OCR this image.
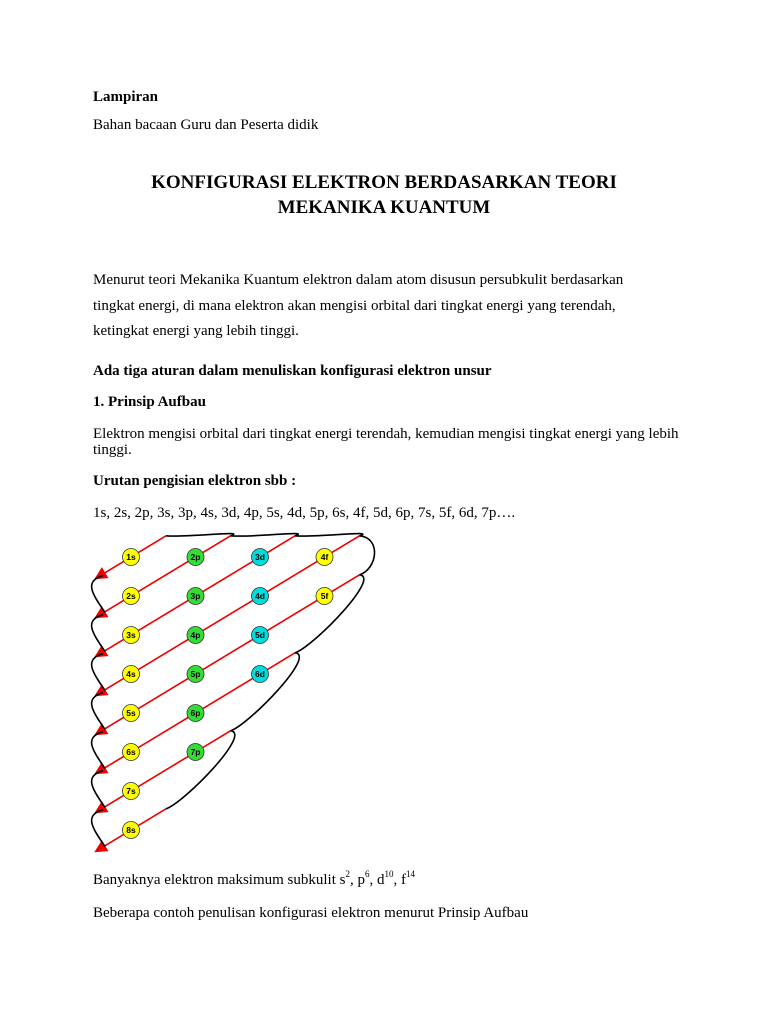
Lampiran
Bahan bacaan Guru dan Peserta didik
KONFIGURASI ELEKTRON BERDASARKAN TEORI
MEKANIKA KUANTUM
Menurut teori Mekanika Kuantum elektron dalam atom disusun persubkulit berdasarkan
tingkat energi, di mana elektron akan mengisi orbital dari tingkat energi yang terendah,
ketingkat energi yang lebih tinggi.
Ada tiga aturan dalam menuliskan konfigurasi elektron unsur
1. Prinsip Aufbau
Elektron mengisi orbital dari tingkat energi terendah, kemudian mengisi tingkat energi yang lebih tinggi.
Urutan pengisian elektron sbb :
1s, 2s, 2p, 3s, 3p, 4s, 3d, 4p, 5s, 4d, 5p, 6s, 4f, 5d, 6p, 7s, 5f, 6d, 7p….
1s
2s
2p
3s
3p
3d
4s
4p
4d
4f
5s
5p
5d
5f
6s
6p
6d
7s
7p
8s
Banyaknya elektron maksimum subkulit $s^2$, $p^6$, $d^{10}$, $f^{14}$
Beberapa contoh penulisan konfigurasi elektron menurut Prinsip Aufbau
